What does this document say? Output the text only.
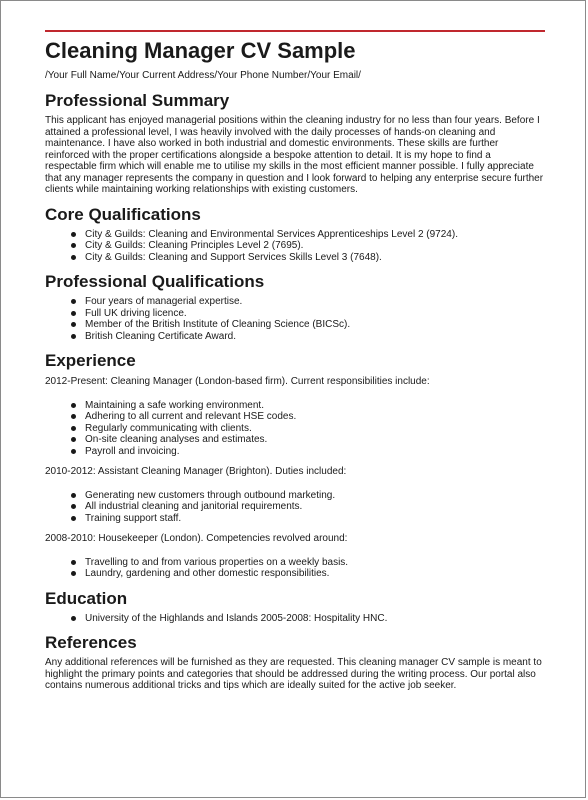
Cleaning Manager CV Sample
/Your Full Name/Your Current Address/Your Phone Number/Your Email/
Professional Summary

This applicant has enjoyed managerial positions within the cleaning industry for no less than four years. Before I attained a professional level, I was heavily involved with the daily processes of hands-on cleaning and maintenance. I have also worked in both industrial and domestic environments. These skills are further reinforced with the proper certifications alongside a bespoke attention to detail. It is my hope to find a respectable firm which will enable me to utilise my skills in the most efficient manner possible. I fully appreciate that any manager represents the company in question and I look forward to helping any enterprise secure further clients while maintaining working relationships with existing customers.

Core Qualifications
City & Guilds: Cleaning and Environmental Services Apprenticeships Level 2 (9724).
City & Guilds: Cleaning Principles Level 2 (7695).
City & Guilds: Cleaning and Support Services Skills Level 3 (7648).
Professional Qualifications
Four years of managerial expertise.
Full UK driving licence.
Member of the British Institute of Cleaning Science (BICSc).
British Cleaning Certificate Award.
Experience

2012-Present: Cleaning Manager (London-based firm). Current responsibilities include:

Maintaining a safe working environment.
Adhering to all current and relevant HSE codes.
Regularly communicating with clients.
On-site cleaning analyses and estimates.
Payroll and invoicing.

2010-2012: Assistant Cleaning Manager (Brighton). Duties included:

Generating new customers through outbound marketing.
All industrial cleaning and janitorial requirements.
Training support staff.

2008-2010: Housekeeper (London). Competencies revolved around:

Travelling to and from various properties on a weekly basis.
Laundry, gardening and other domestic responsibilities.
Education
University of the Highlands and Islands 2005-2008: Hospitality HNC.
References

Any additional references will be furnished as they are requested. This cleaning manager CV sample is meant to highlight the primary points and categories that should be addressed during the writing process. Our portal also contains numerous additional tricks and tips which are ideally suited for the active job seeker.
